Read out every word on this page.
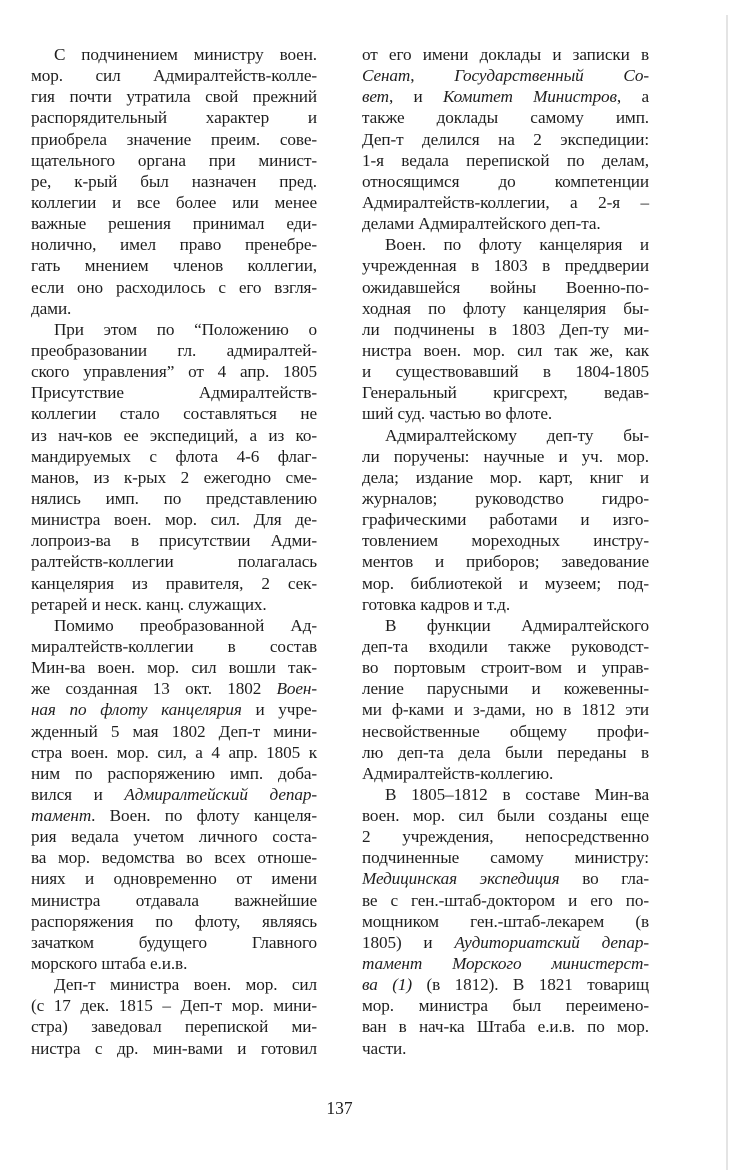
С подчинением министру воен.
мор. сил Адмиралтейств-колле-
гия почти утратила свой прежний
распорядительный характер и
приобрела значение преим. сове-
щательного органа при минист-
ре, к-рый был назначен пред.
коллегии и все более или менее
важные решения принимал еди-
нолично, имел право пренебре-
гать мнением членов коллегии,
если оно расходилось с его взгля-
дами.
При этом по “Положению о
преобразовании гл. адмиралтей-
ского управления” от 4 апр. 1805
Присутствие Адмиралтейств-
коллегии стало составляться не
из нач-ков ее экспедиций, а из ко-
мандируемых с флота 4-6 флаг-
манов, из к-рых 2 ежегодно сме-
нялись имп. по представлению
министра воен. мор. сил. Для де-
лопроиз-ва в присутствии Адми-
ралтейств-коллегии полагалась
канцелярия из правителя, 2 сек-
ретарей и неск. канц. служащих.
Помимо преобразованной Ад-
миралтейств-коллегии в состав
Мин-ва воен. мор. сил вошли так-
же созданная 13 окт. 1802 Воен-
ная по флоту канцелярия и учре-
жденный 5 мая 1802 Деп-т мини-
стра воен. мор. сил, а 4 апр. 1805 к
ним по распоряжению имп. доба-
вился и Адмиралтейский депар-
тамент. Воен. по флоту канцеля-
рия ведала учетом личного соста-
ва мор. ведомства во всех отноше-
ниях и одновременно от имени
министра отдавала важнейшие
распоряжения по флоту, являясь
зачатком будущего Главного
морского штаба е.и.в.
Деп-т министра воен. мор. сил
(с 17 дек. 1815 – Деп-т мор. мини-
стра) заведовал перепиской ми-
нистра с др. мин-вами и готовил
от его имени доклады и записки в
Сенат, Государственный Со-
вет, и Комитет Министров, а
также доклады самому имп.
Деп-т делился на 2 экспедиции:
1-я ведала перепиской по делам,
относящимся до компетенции
Адмиралтейств-коллегии, а 2-я –
делами Адмиралтейского деп-та.
Воен. по флоту канцелярия и
учрежденная в 1803 в преддверии
ожидавшейся войны Военно-по-
ходная по флоту канцелярия бы-
ли подчинены в 1803 Деп-ту ми-
нистра воен. мор. сил так же, как
и существовавший в 1804-1805
Генеральный кригсрехт, ведав-
ший суд. частью во флоте.
Адмиралтейскому деп-ту бы-
ли поручены: научные и уч. мор.
дела; издание мор. карт, книг и
журналов; руководство гидро-
графическими работами и изго-
товлением мореходных инстру-
ментов и приборов; заведование
мор. библиотекой и музеем; под-
готовка кадров и т.д.
В функции Адмиралтейского
деп-та входили также руководст-
во портовым строит-вом и управ-
ление парусными и кожевенны-
ми ф-ками и з-дами, но в 1812 эти
несвойственные общему профи-
лю деп-та дела были переданы в
Адмиралтейств-коллегию.
В 1805–1812 в составе Мин-ва
воен. мор. сил были созданы еще
2 учреждения, непосредственно
подчиненные самому министру:
Медицинская экспедиция во гла-
ве с ген.-штаб-доктором и его по-
мощником ген.-штаб-лекарем (в
1805) и Аудиториатский депар-
тамент Морского министерст-
ва (1) (в 1812). В 1821 товарищ
мор. министра был переимено-
ван в нач-ка Штаба е.и.в. по мор.
части.
137
